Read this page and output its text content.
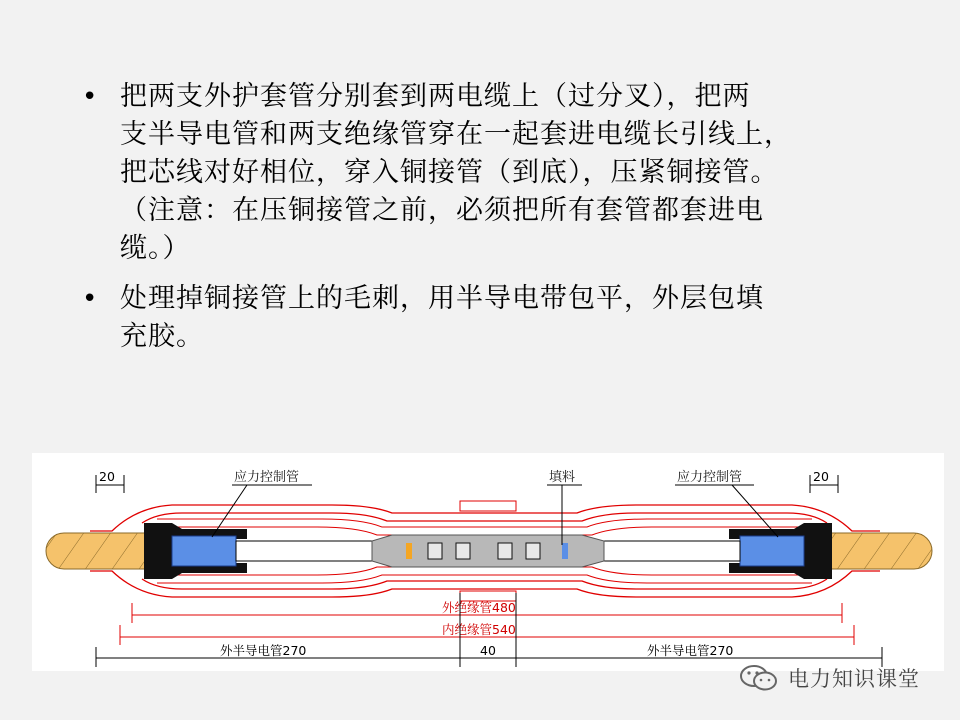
• 把两支外护套管分别套到两电缆上（过分叉），把两
支半导电管和两支绝缘管穿在一起套进电缆长引线上，
把芯线对好相位，穿入铜接管（到底），压紧铜接管。
（注意：在压铜接管之前，必须把所有套管都套进电
缆。）
• 处理掉铜接管上的毛刺，用半导电带包平，外层包填
充胶。
应力控制管	填料	应力控制管
20	20
外绝缘管480
内绝缘管540
外半导电管270	40	外半导电管270
电力知识课堂
